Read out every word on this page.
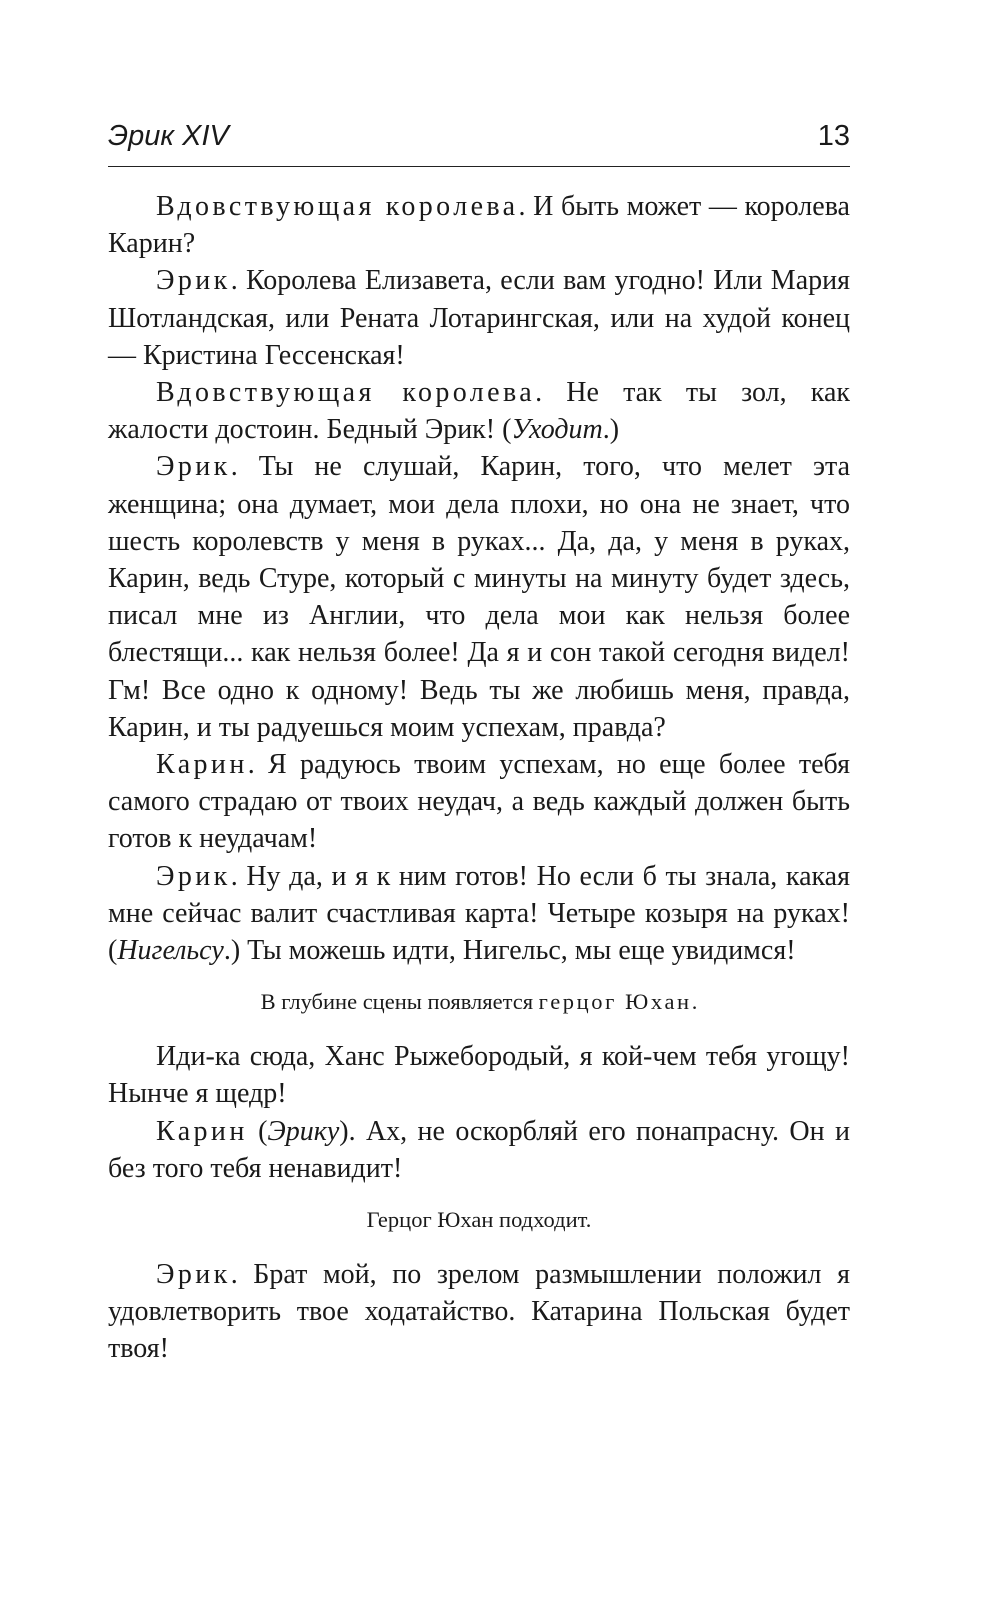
Эрик XIV	13

Вдовствующая королева. И быть может — королева Карин?

Эрик. Королева Елизавета, если вам угодно! Или Мария Шотландская, или Рената Лотарингская, или на худой конец — Кристина Гессенская!

Вдовствующая королева. Не так ты зол, как жалости достоин. Бедный Эрик! (Уходит.)

Эрик. Ты не слушай, Карин, того, что мелет эта женщина; она думает, мои дела плохи, но она не знает, что шесть королевств у меня в руках... Да, да, у меня в руках, Карин, ведь Стуре, который с минуты на минуту будет здесь, писал мне из Англии, что дела мои как нельзя более блестящи... как нельзя более! Да я и сон такой сегодня видел! Гм! Все одно к одному! Ведь ты же любишь меня, правда, Карин, и ты радуешься моим успехам, правда?

Карин. Я радуюсь твоим успехам, но еще более тебя самого страдаю от твоих неудач, а ведь каждый должен быть готов к неудачам!

Эрик. Ну да, и я к ним готов! Но если б ты знала, какая мне сейчас валит счастливая карта! Четыре козыря на руках! (Нигельсу.) Ты можешь идти, Нигельс, мы еще увидимся!

В глубине сцены появляется герцог Юхан.

Иди-ка сюда, Ханс Рыжебородый, я кой-чем тебя угощу! Нынче я щедр!

Карин (Эрику). Ах, не оскорбляй его понапрасну. Он и без того тебя ненавидит!

Герцог Юхан подходит.

Эрик. Брат мой, по зрелом размышлении положил я удовлетворить твое ходатайство. Катарина Польская будет твоя!
